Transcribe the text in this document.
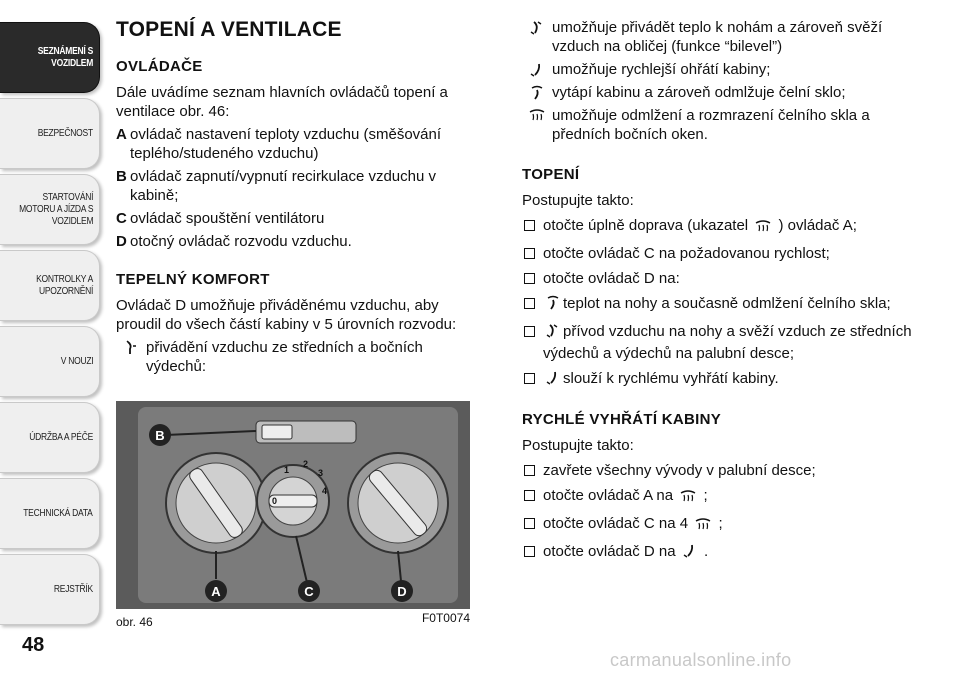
SEZNÁMENÍ S
VOZIDLEM
BEZPEČNOST
STARTOVÁNÍ
MOTORU A JÍZDA S
VOZIDLEM
KONTROLKY A
UPOZORNĚNÍ
V NOUZI
ÚDRŽBA A PÉČE
TECHNICKÁ DATA
REJSTŘÍK
48
TOPENÍ A VENTILACE
OVLÁDAČE

Dále uvádíme seznam hlavních ovládačů topení a ventilace obr. 46:

A ovládač nastavení teploty vzduchu (směšování teplého/studeného vzduchu)
B ovládač zapnutí/vypnutí recirkulace vzduchu v kabině;
C ovládač spouštění ventilátoru
D otočný ovládač rozvodu vzduchu.
TEPELNÝ KOMFORT

Ovládač D umožňuje přiváděnému vzduchu, aby proudil do všech částí kabiny v 5 úrovních rozvodu:

přivádění vzduchu ze středních a bočních výdechů:
0
1
2
3
4
B
A	C	D
obr. 46	F0T0074
umožňuje přivádět teplo k nohám a zároveň svěží vzduch na obličej (funkce “bilevel”)
umožňuje rychlejší ohřátí kabiny;
vytápí kabinu a zároveň odmlžuje čelní sklo;
umožňuje odmlžení a rozmrazení čelního skla a předních bočních oken.
TOPENÍ

Postupujte takto:

otočte úplně doprava (ukazatel ) ovládač A;
otočte ovládač C na požadovanou rychlost;
otočte ovládač D na:
teplot na nohy a současně odmlžení čelního skla;
přívod vzduchu na nohy a svěží vzduch ze středních výdechů a výdechů na palubní desce;
slouží k rychlému vyhřátí kabiny.
RYCHLÉ VYHŘÁTÍ KABINY

Postupujte takto:

zavřete všechny vývody v palubní desce;
otočte ovládač A na ;
otočte ovládač C na 4 ;
otočte ovládač D na .
carmanualsonline.info
